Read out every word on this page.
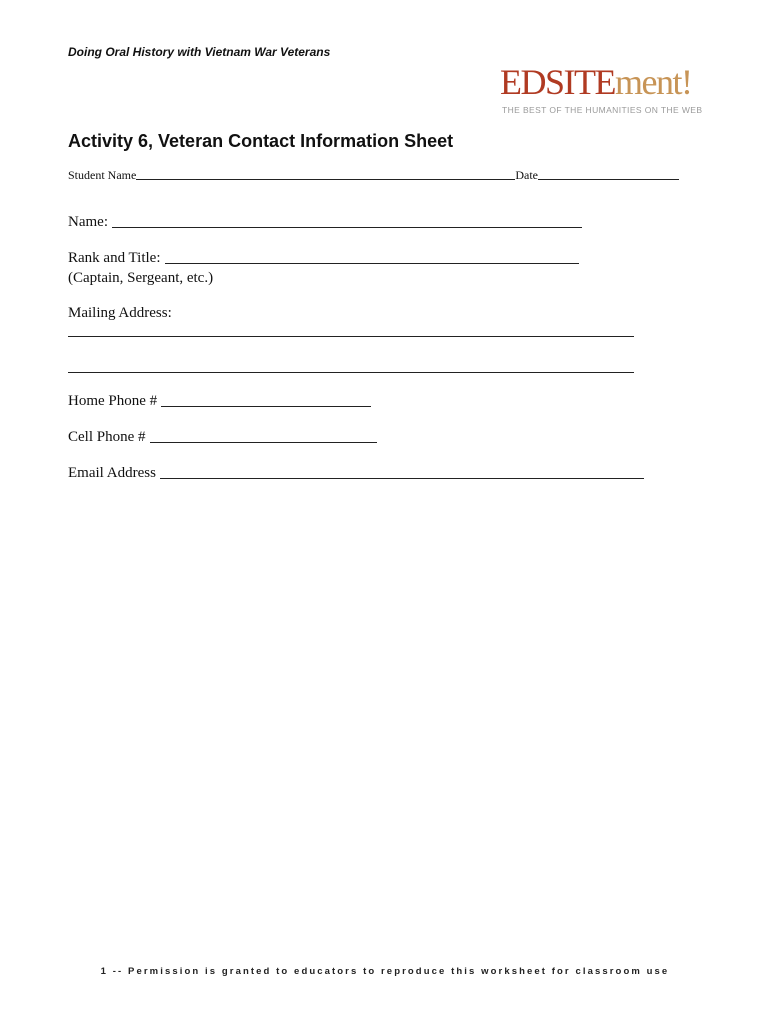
Doing Oral History with Vietnam War Veterans
EDSITEment!
THE BEST OF THE HUMANITIES ON THE WEB
Activity 6, Veteran Contact Information Sheet
Student Name	Date
Name:
Rank and Title:
(Captain, Sergeant, etc.)
Mailing Address:
Home Phone #
Cell Phone #
Email Address
1 -- Permission is granted to educators to reproduce this worksheet for classroom use
